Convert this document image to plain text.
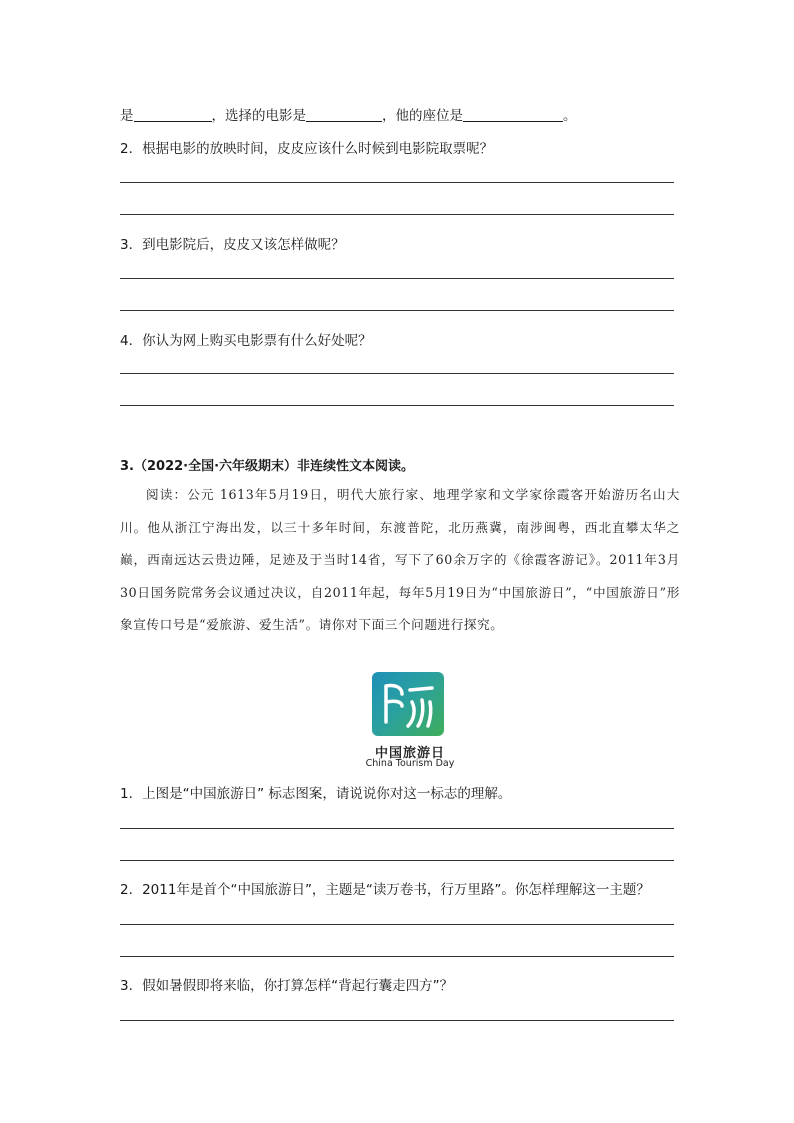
是	，选择的电影是	，他的座位是	。
2．根据电影的放映时间，皮皮应该什么时候到电影院取票呢？
3．到电影院后，皮皮又该怎样做呢？
4．你认为网上购买电影票有什么好处呢？
3.（2022·全国·六年级期末）非连续性文本阅读。

阅读：公元 1613年5月19日，明代大旅行家、地理学家和文学家徐霞客开始游历名山大川。他从浙江宁海出发，以三十多年时间，东渡普陀，北历燕冀，南涉闽粤，西北直攀太华之巅，西南远达云贵边陲，足迹及于当时14省，写下了60余万字的《徐霞客游记》。2011年3月30日国务院常务会议通过决议，自2011年起，每年5月19日为“中国旅游日”，“中国旅游日”形象宣传口号是“爱旅游、爱生活”。请你对下面三个问题进行探究。

中国旅游日
China Tourism Day
1．上图是“中国旅游日” 标志图案，请说说你对这一标志的理解。
2．2011年是首个“中国旅游日”，主题是“读万卷书，行万里路”。你怎样理解这一主题？
3．假如暑假即将来临，你打算怎样“背起行囊走四方”？
